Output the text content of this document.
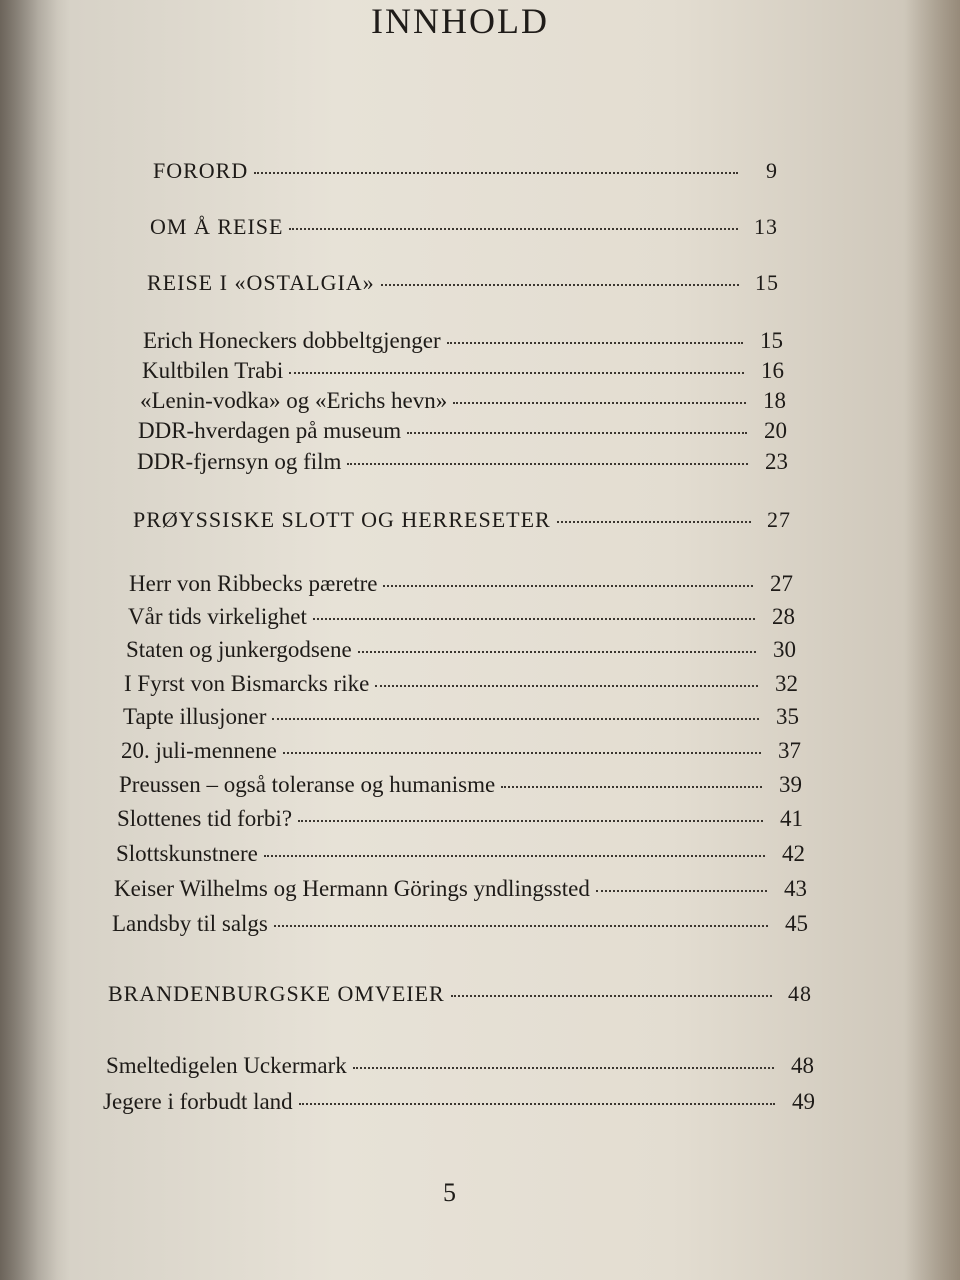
INNHOLD
FORORD	9
OM Å REISE	13
REISE I «OSTALGIA»	15
Erich Honeckers dobbeltgjenger	15
Kultbilen Trabi	16
«Lenin-vodka» og «Erichs hevn»	18
DDR-hverdagen på museum	20
DDR-fjernsyn og film	23
PRØYSSISKE SLOTT OG HERRESETER	27
Herr von Ribbecks pæretre	27
Vår tids virkelighet	28
Staten og junkergodsene	30
I Fyrst von Bismarcks rike	32
Tapte illusjoner	35
20. juli-mennene	37
Preussen – også toleranse og humanisme	39
Slottenes tid forbi?	41
Slottskunstnere	42
Keiser Wilhelms og Hermann Görings yndlingssted	43
Landsby til salgs	45
BRANDENBURGSKE OMVEIER	48
Smeltedigelen Uckermark	48
Jegere i forbudt land	49
5
